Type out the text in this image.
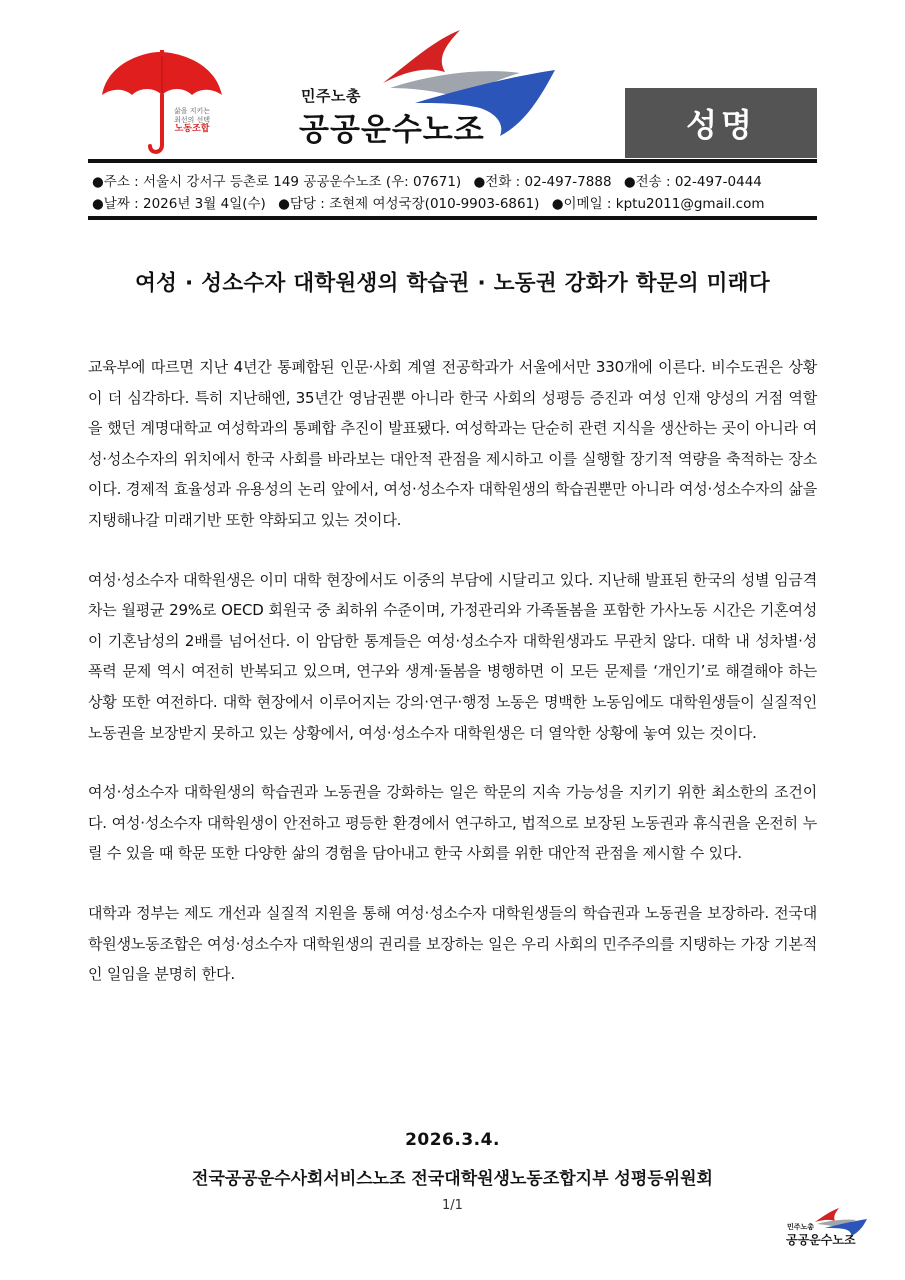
삶을 지키는
최선의 선택
노동조합
민주노총
공공운수노조	성명
●주소 : 서울시 강서구 등촌로 149 공공운수노조 (우: 07671) ●전화 : 02-497-7888 ●전송 : 02-497-0444
●날짜 : 2026년 3월 4일(수) ●담당 : 조현제 여성국장(010-9903-6861) ●이메일 : kptu2011@gmail.com
여성 · 성소수자 대학원생의 학습권 · 노동권 강화가 학문의 미래다

교육부에 따르면 지난 4년간 통폐합된 인문·사회 계열 전공학과가 서울에서만 330개에 이른다. 비수도권은 상황이 더 심각하다. 특히 지난해엔, 35년간 영남권뿐 아니라 한국 사회의 성평등 증진과 여성 인재 양성의 거점 역할을 했던 계명대학교 여성학과의 통폐합 추진이 발표됐다. 여성학과는 단순히 관련 지식을 생산하는 곳이 아니라 여성·성소수자의 위치에서 한국 사회를 바라보는 대안적 관점을 제시하고 이를 실행할 장기적 역량을 축적하는 장소이다. 경제적 효율성과 유용성의 논리 앞에서, 여성·성소수자 대학원생의 학습권뿐만 아니라 여성·성소수자의 삶을 지탱해나갈 미래기반 또한 약화되고 있는 것이다.

여성·성소수자 대학원생은 이미 대학 현장에서도 이중의 부담에 시달리고 있다. 지난해 발표된 한국의 성별 임금격차는 월평균 29%로 OECD 회원국 중 최하위 수준이며, 가정관리와 가족돌봄을 포함한 가사노동 시간은 기혼여성이 기혼남성의 2배를 넘어선다. 이 암담한 통계들은 여성·성소수자 대학원생과도 무관치 않다. 대학 내 성차별·성폭력 문제 역시 여전히 반복되고 있으며, 연구와 생계·돌봄을 병행하면 이 모든 문제를 ‘개인기’로 해결해야 하는 상황 또한 여전하다. 대학 현장에서 이루어지는 강의·연구·행정 노동은 명백한 노동임에도 대학원생들이 실질적인 노동권을 보장받지 못하고 있는 상황에서, 여성·성소수자 대학원생은 더 열악한 상황에 놓여 있는 것이다.

여성·성소수자 대학원생의 학습권과 노동권을 강화하는 일은 학문의 지속 가능성을 지키기 위한 최소한의 조건이다. 여성·성소수자 대학원생이 안전하고 평등한 환경에서 연구하고, 법적으로 보장된 노동권과 휴식권을 온전히 누릴 수 있을 때 학문 또한 다양한 삶의 경험을 담아내고 한국 사회를 위한 대안적 관점을 제시할 수 있다.

대학과 정부는 제도 개선과 실질적 지원을 통해 여성·성소수자 대학원생들의 학습권과 노동권을 보장하라. 전국대학원생노동조합은 여성·성소수자 대학원생의 권리를 보장하는 일은 우리 사회의 민주주의를 지탱하는 가장 기본적인 일임을 분명히 한다.

2026.3.4.
전국공공운수사회서비스노조 전국대학원생노동조합지부 성평등위원회
1/1
민주노총
공공운수노조
